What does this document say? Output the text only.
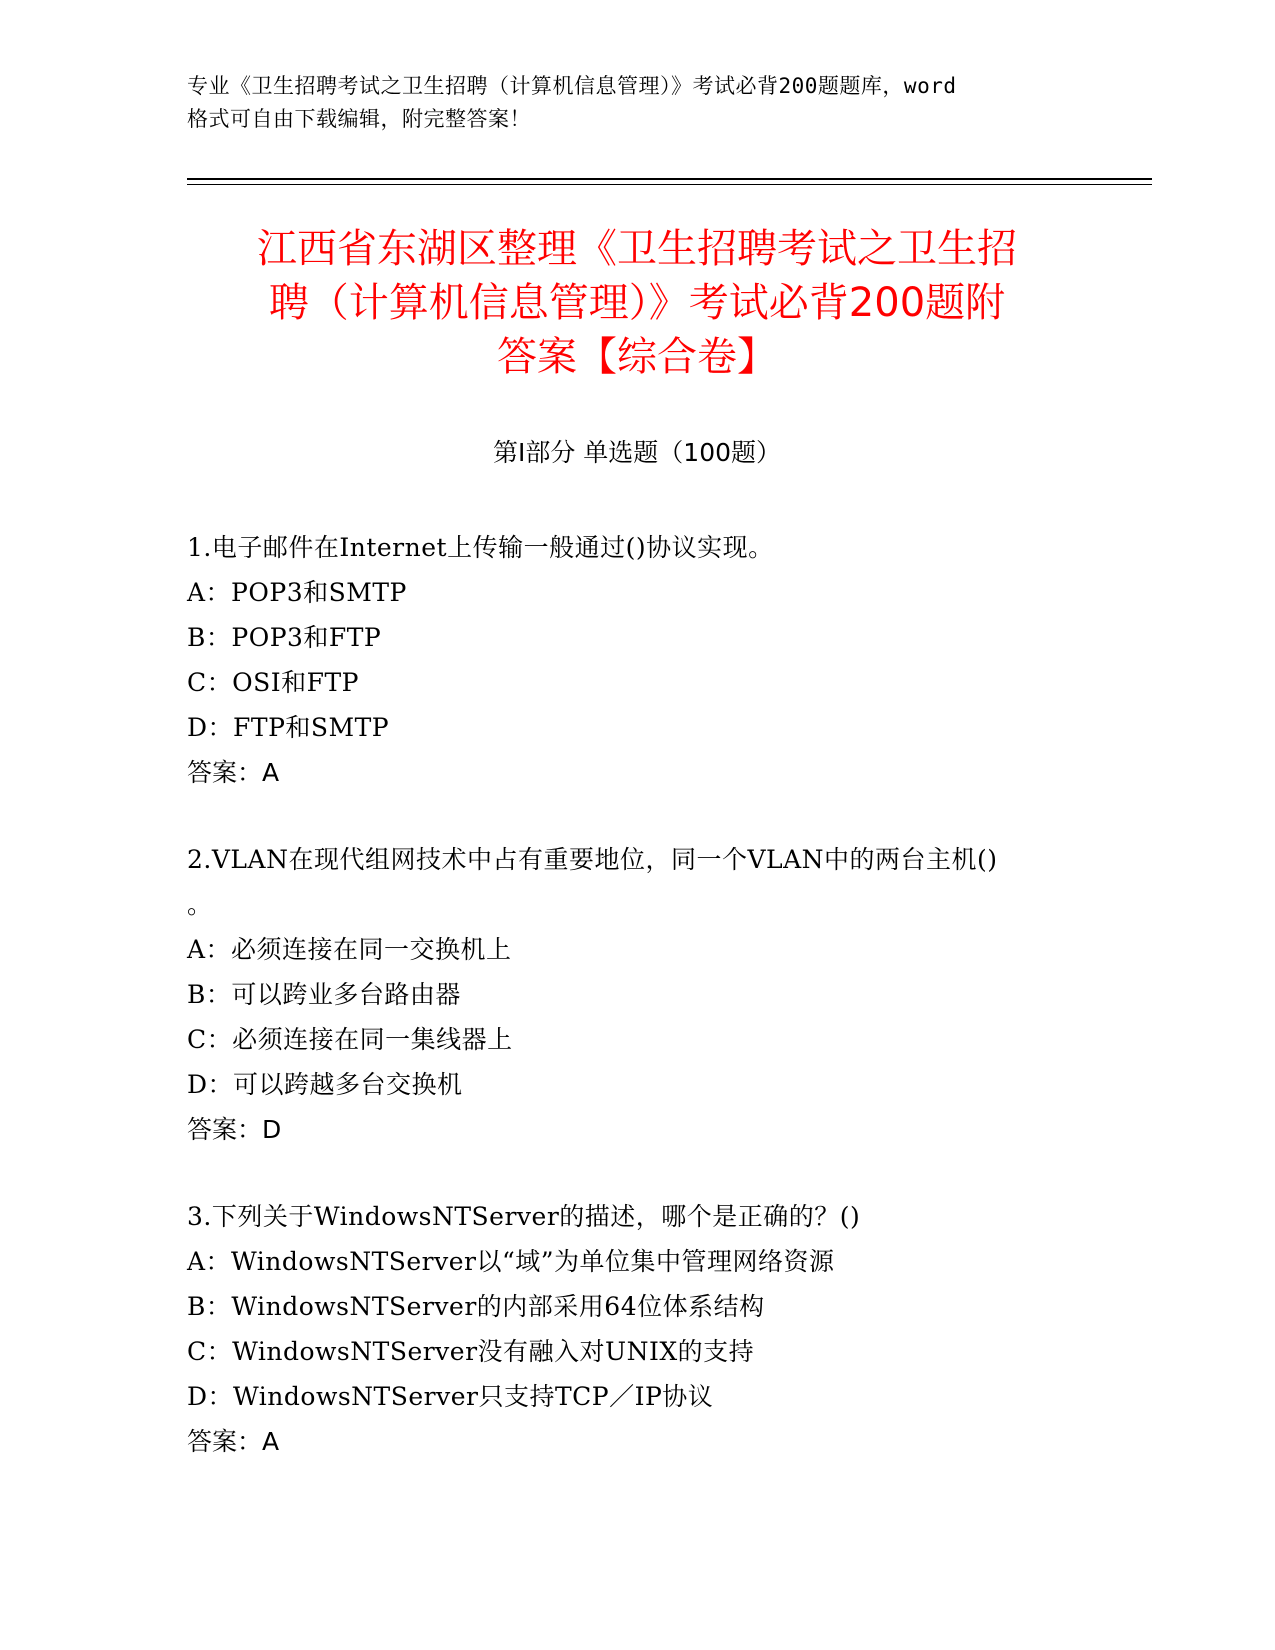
专业《卫生招聘考试之卫生招聘（计算机信息管理）》考试必背200题题库，word
格式可自由下载编辑，附完整答案！
江西省东湖区整理《卫生招聘考试之卫生招
聘（计算机信息管理）》考试必背200题附
答案【综合卷】
第Ⅰ部分 单选题（100题）
1.电子邮件在Internet上传输一般通过()协议实现。
A：POP3和SMTP
B：POP3和FTP
C：OSI和FTP
D：FTP和SMTP
答案：A
2.VLAN在现代组网技术中占有重要地位，同一个VLAN中的两台主机()
。
A：必须连接在同一交换机上
B：可以跨业多台路由器
C：必须连接在同一集线器上
D：可以跨越多台交换机
答案：D
3.下列关于WindowsNTServer的描述，哪个是正确的？()
A：WindowsNTServer以“域”为单位集中管理网络资源
B：WindowsNTServer的内部采用64位体系结构
C：WindowsNTServer没有融入对UNIX的支持
D：WindowsNTServer只支持TCP／IP协议
答案：A
